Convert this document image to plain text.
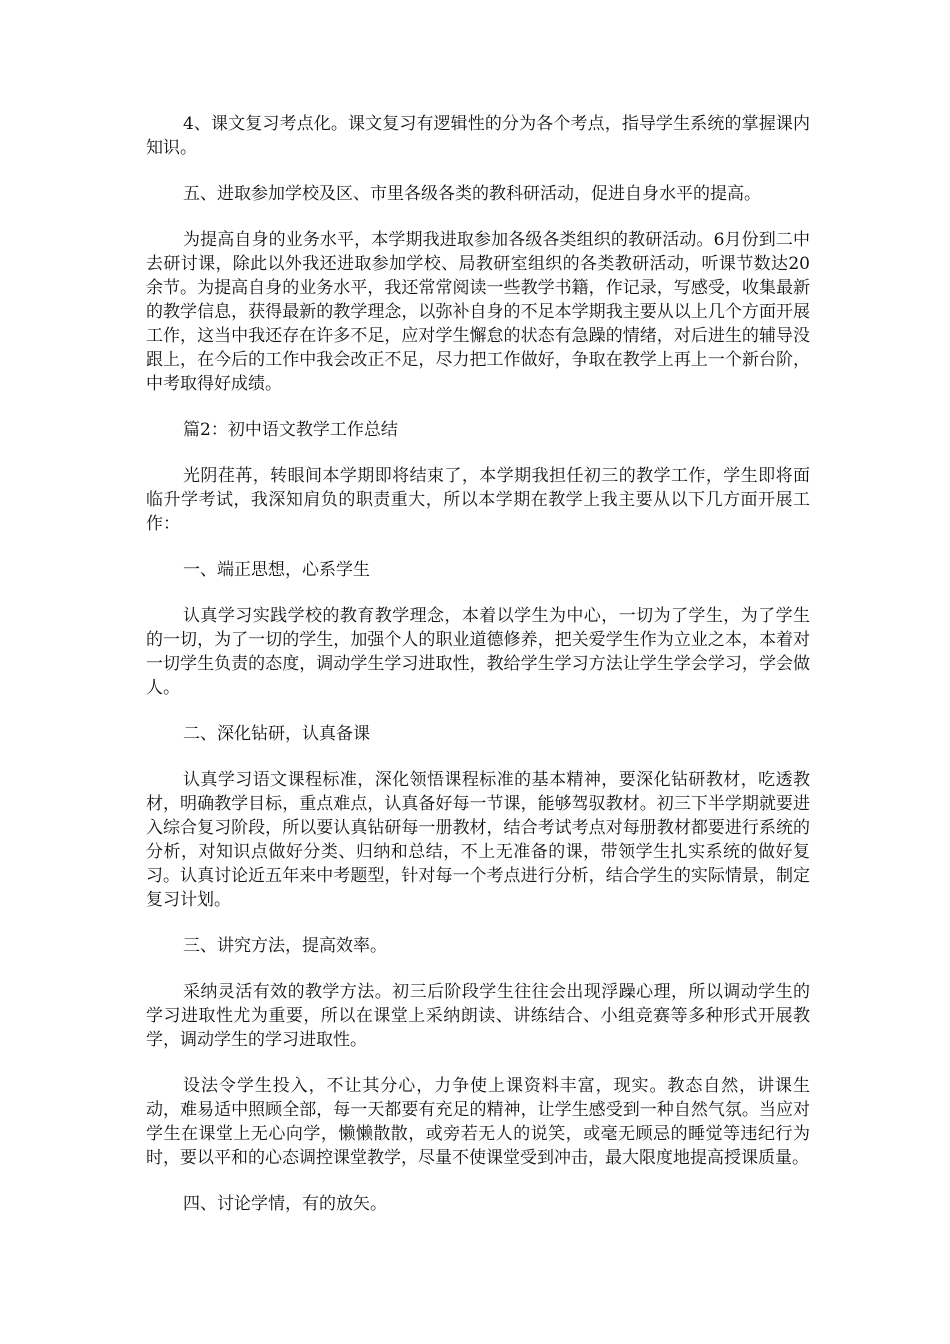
4、课文复习考点化。课文复习有逻辑性的分为各个考点，指导学生系统的掌握课内知识。

五、进取参加学校及区、市里各级各类的教科研活动，促进自身水平的提高。

为提高自身的业务水平，本学期我进取参加各级各类组织的教研活动。6月份到二中去研讨课，除此以外我还进取参加学校、局教研室组织的各类教研活动，听课节数达20余节。为提高自身的业务水平，我还常常阅读一些教学书籍，作记录，写感受，收集最新的教学信息，获得最新的教学理念，以弥补自身的不足本学期我主要从以上几个方面开展工作，这当中我还存在许多不足，应对学生懈怠的状态有急躁的情绪，对后进生的辅导没跟上，在今后的工作中我会改正不足，尽力把工作做好，争取在教学上再上一个新台阶，中考取得好成绩。

篇2：初中语文教学工作总结

光阴荏苒，转眼间本学期即将结束了，本学期我担任初三的教学工作，学生即将面临升学考试，我深知肩负的职责重大，所以本学期在教学上我主要从以下几方面开展工作：

一、端正思想，心系学生

认真学习实践学校的教育教学理念，本着以学生为中心，一切为了学生，为了学生的一切，为了一切的学生，加强个人的职业道德修养，把关爱学生作为立业之本，本着对一切学生负责的态度，调动学生学习进取性，教给学生学习方法让学生学会学习，学会做人。

二、深化钻研，认真备课

认真学习语文课程标准，深化领悟课程标准的基本精神，要深化钻研教材，吃透教材，明确教学目标，重点难点，认真备好每一节课，能够驾驭教材。初三下半学期就要进入综合复习阶段，所以要认真钻研每一册教材，结合考试考点对每册教材都要进行系统的分析，对知识点做好分类、归纳和总结，不上无准备的课，带领学生扎实系统的做好复习。认真讨论近五年来中考题型，针对每一个考点进行分析，结合学生的实际情景，制定复习计划。

三、讲究方法，提高效率。

采纳灵活有效的教学方法。初三后阶段学生往往会出现浮躁心理，所以调动学生的学习进取性尤为重要，所以在课堂上采纳朗读、讲练结合、小组竞赛等多种形式开展教学，调动学生的学习进取性。

设法令学生投入，不让其分心，力争使上课资料丰富，现实。教态自然，讲课生动，难易适中照顾全部，每一天都要有充足的精神，让学生感受到一种自然气氛。当应对学生在课堂上无心向学，懒懒散散，或旁若无人的说笑，或毫无顾忌的睡觉等违纪行为时，要以平和的心态调控课堂教学，尽量不使课堂受到冲击，最大限度地提高授课质量。

四、讨论学情，有的放矢。
